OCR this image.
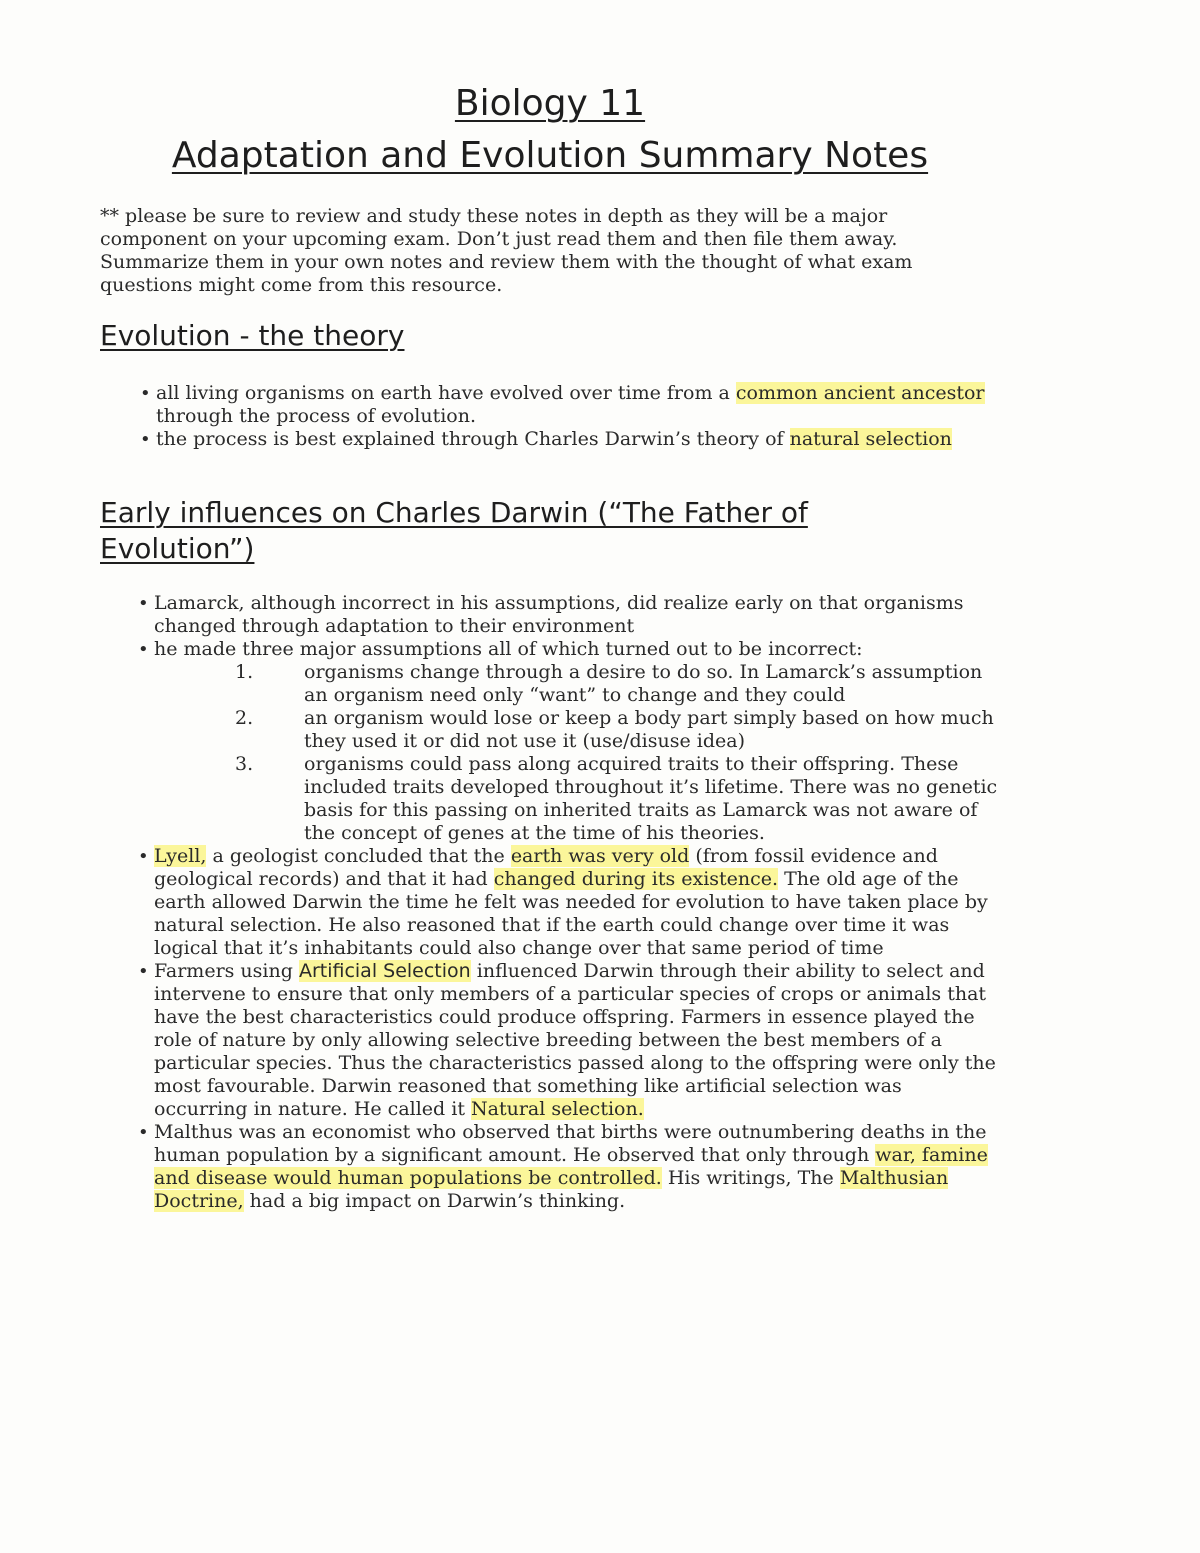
Biology 11
Adaptation and Evolution Summary Notes
** please be sure to review and study these notes in depth as they will be a major component on your upcoming exam. Don’t just read them and then file them away. Summarize them in your own notes and review them with the thought of what exam questions might come from this resource.
Evolution - the theory
• all living organisms on earth have evolved over time from a common ancient ancestor through the process of evolution.
• the process is best explained through Charles Darwin’s theory of natural selection
Early influences on Charles Darwin (“The Father of Evolution”)
• Lamarck, although incorrect in his assumptions, did realize early on that organisms changed through adaptation to their environment
• he made three major assumptions all of which turned out to be incorrect:
1.	organisms change through a desire to do so. In Lamarck’s assumption an organism need only “want” to change and they could
2.	an organism would lose or keep a body part simply based on how much they used it or did not use it (use/disuse idea)
3.	organisms could pass along acquired traits to their offspring. These included traits developed throughout it’s lifetime. There was no genetic basis for this passing on inherited traits as Lamarck was not aware of the concept of genes at the time of his theories.
• Lyell, a geologist concluded that the earth was very old (from fossil evidence and geological records) and that it had changed during its existence. The old age of the earth allowed Darwin the time he felt was needed for evolution to have taken place by natural selection. He also reasoned that if the earth could change over time it was logical that it’s inhabitants could also change over that same period of time
• Farmers using Artificial Selection influenced Darwin through their ability to select and intervene to ensure that only members of a particular species of crops or animals that have the best characteristics could produce offspring. Farmers in essence played the role of nature by only allowing selective breeding between the best members of a particular species. Thus the characteristics passed along to the offspring were only the most favourable. Darwin reasoned that something like artificial selection was occurring in nature. He called it Natural selection.
• Malthus was an economist who observed that births were outnumbering deaths in the human population by a significant amount. He observed that only through war, famine and disease would human populations be controlled. His writings, The Malthusian Doctrine, had a big impact on Darwin’s thinking.
